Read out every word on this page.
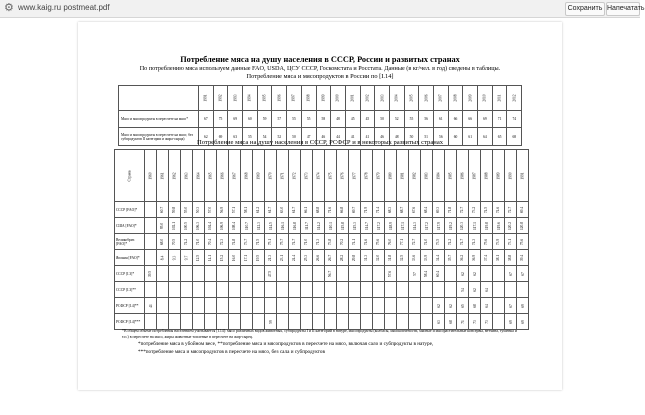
⚙ www.kaig.ru postmeat.pdf	Сохранить Напечатать
Потребление мяса на душу населения в СССР, России и развитых странах
По потреблению мяса используем данные FAO, USDA, ЦСУ СССР, Госкомстата и Росстата. Данные (в кг/чел. в год) сведены в таблицы.
Потребление мяса и мясопродуктов в России по [I.14]
	1991	1992	1993	1994	1995	1996	1997	1998	1999	2000	2001	2002	2003	2004	2005	2006	2007	2008	2009	2010	2011	2012
Мясо и мясопродукты в пересчете на мясо*	67	75	69	60	59	57	55	55	58	48	45	45	50	52	55	56	61	66	66	69	71	74
Мясо и мясопродукты в пересчете на мясо; без субпродуктов II категории и жира-сырца)	62	69	63	55	54	52	50	47	46	44	41	41	46	48	50	51	56	60	61	64	65	68
Потребление мяса на душу населения в СССР, РСФСР и в некоторых развитых странах
Страна	1960	1961	1962	1963	1964	1965	1966	1967	1968	1969	1970	1971	1972	1973	1974	1975	1976	1977	1978	1979	1980	1981	1982	1983	1984	1985	1986	1987	1988	1989	1990	1991
СССР [FAO]*		60.7	59.8	55.0	50.3	57.0	56.9	57.1	58.1	61.2	61.7	63.0	61.7	66.1	68.8	71.6	66.8	69.7	71.9	71.4	68.3	68.7	67.6	68.4	69.3	71.8	72.7	73.2	74.5	74.6	72.7	69.4
США [FAO]*		95.0	102.1	100.5	106.3	104.4	106.9	108.4	110.7	112.3	114.5	116.1	116.8	111.7	114.2	110.1	115.8	115.3	114.7	117.2	118.9	117.1	114.3	117.2	117.9	119.2	120.3	117.1	119.8	119.6	120.2	120.8
Великобрит. [FAO]*		68.0	70.5	74.2	71.0	70.4	72.3	74.8	73.7	71.5	75.1	75.7	74.7	71.0	71.3	73.8	70.2	74.1	74.6	75.6	76.0	77.1	72.7	74.0	73.5	74.2	74.7	74.3	75.6	73.9	73.1	75.6
Япония [FAO]*		8.4	9.3	9.7	12.5	14.1	15.2	16.0	17.1	19.5	21.3	23.1	24.4	25.3	26.6	26.7	28.2	29.8	31.3	32.0	31.8	32.5	33.6	33.9	34.4	35.7	36.2	36.9	37.4	38.1	38.8	39.4
СССР [I.3]*	39.5										47.5					56.7					57.6		57	58.4	60.4		62	62			67	67
СССР [I.3]**																											54	62	64			
РСФСР [I.4]**	41																								62	62	65	68	64		67	69
РСФСР [I.4]***											59														63	68	71	73	73		69	69
*В общем объеме потребления населением учитывается [I.14]: мясо различных видов животных, субпродукты I и II категорий в натуре, мясопродукты (колбасы, мясокопчености, мясные и мясорастительные консервы, ветчина, тушенка и т.п.) в пересчете на мясо, жиры животные топленые в пересчете на жир-сырец.
*потребление мяса в убойном весе, **потребление мяса и мясопродуктов в пересчете на мясо, включая сало и субпродукты в натуре,
***потребление мяса и мясопродуктов в пересчете на мясо, без сала и субпродуктов
